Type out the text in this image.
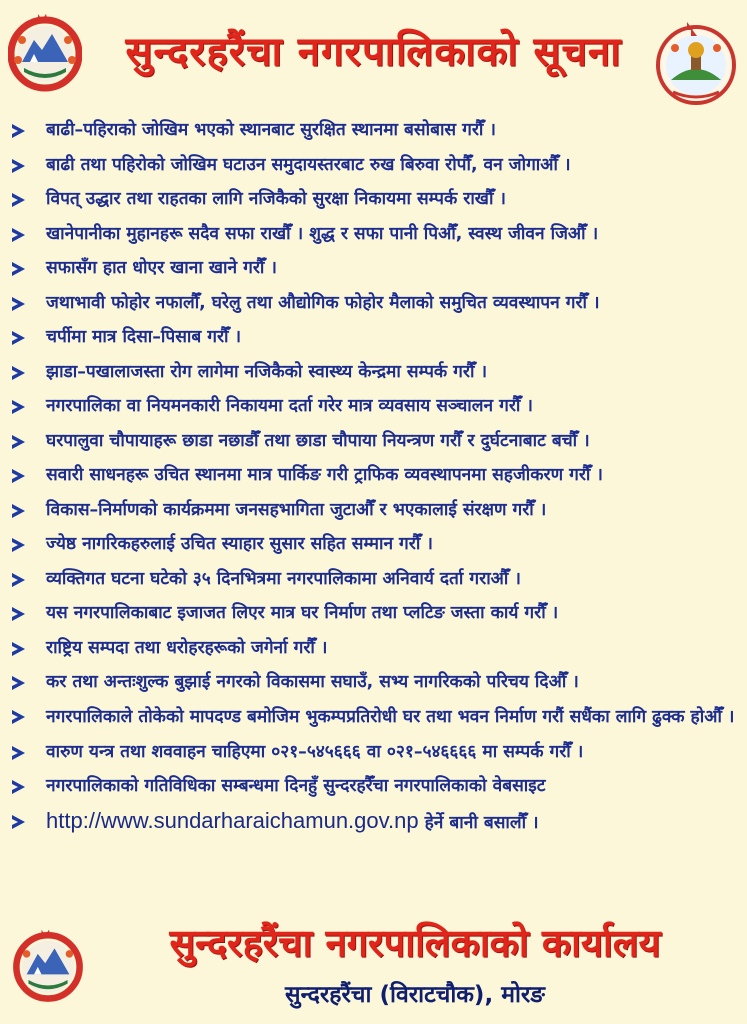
सुन्दरहरैंचा नगरपालिकाको सूचना
बाढी–पहिराको जोखिम भएको स्थानबाट सुरक्षित स्थानमा बसोबास गरौँ ।
बाढी तथा पहिरोको जोखिम घटाउन समुदायस्तरबाट रुख बिरुवा रोपौँ, वन जोगाऔँ ।
विपत् उद्धार तथा राहतका लागि नजिकैको सुरक्षा निकायमा सम्पर्क राखौँ ।
खानेपानीका मुहानहरू सदैव सफा राखौँ । शुद्ध र सफा पानी पिऔँ, स्वस्थ जीवन जिऔँ ।
सफासँग हात धोएर खाना खाने गरौँ ।
जथाभावी फोहोर नफालौँ, घरेलु तथा औद्योगिक फोहोर मैलाको समुचित व्यवस्थापन गरौँ ।
चर्पीमा मात्र दिसा–पिसाब गरौँ ।
झाडा–पखालाजस्ता रोग लागेमा नजिकैको स्वास्थ्य केन्द्रमा सम्पर्क गरौँ ।
नगरपालिका वा नियमनकारी निकायमा दर्ता गरेर मात्र व्यवसाय सञ्चालन गरौँ ।
घरपालुवा चौपायाहरू छाडा नछाडौँ तथा छाडा चौपाया नियन्त्रण गरौँ र दुर्घटनाबाट बचौँ ।
सवारी साधनहरू उचित स्थानमा मात्र पार्किङ गरी ट्राफिक व्यवस्थापनमा सहजीकरण गरौँ ।
विकास–निर्माणको कार्यक्रममा जनसहभागिता जुटाऔँ र भएकालाई संरक्षण गरौँ ।
ज्येष्ठ नागरिकहरुलाई उचित स्याहार सुसार सहित सम्मान गरौँ ।
व्यक्तिगत घटना घटेको ३५ दिनभित्रमा नगरपालिकामा अनिवार्य दर्ता गराऔँ ।
यस नगरपालिकाबाट इजाजत लिएर मात्र घर निर्माण तथा प्लटिङ जस्ता कार्य गरौँ ।
राष्ट्रिय सम्पदा तथा धरोहरहरूको जगेर्ना गरौँ ।
कर तथा अन्तःशुल्क बुझाई नगरको विकासमा सघाउँ, सभ्य नागरिकको परिचय दिऔँ ।
नगरपालिकाले तोकेको मापदण्ड बमोजिम भुकम्पप्रतिरोधी घर तथा भवन निर्माण गरौं सधैंका लागि ढुक्क होऔँ ।
वारुण यन्त्र तथा शववाहन चाहिएमा ०२१–५४५६६६ वा ०२१–५४६६६६ मा सम्पर्क गरौँ ।
नगरपालिकाको गतिविधिका सम्बन्धमा दिनहुँ सुन्दरहरैँचा नगरपालिकाको वेबसाइट
http://www.sundarharaichamun.gov.np हेर्ने बानी बसालौँ ।
सुन्दरहरैंचा नगरपालिकाको कार्यालय
सुन्दरहरैंचा (विराटचौक), मोरङ
